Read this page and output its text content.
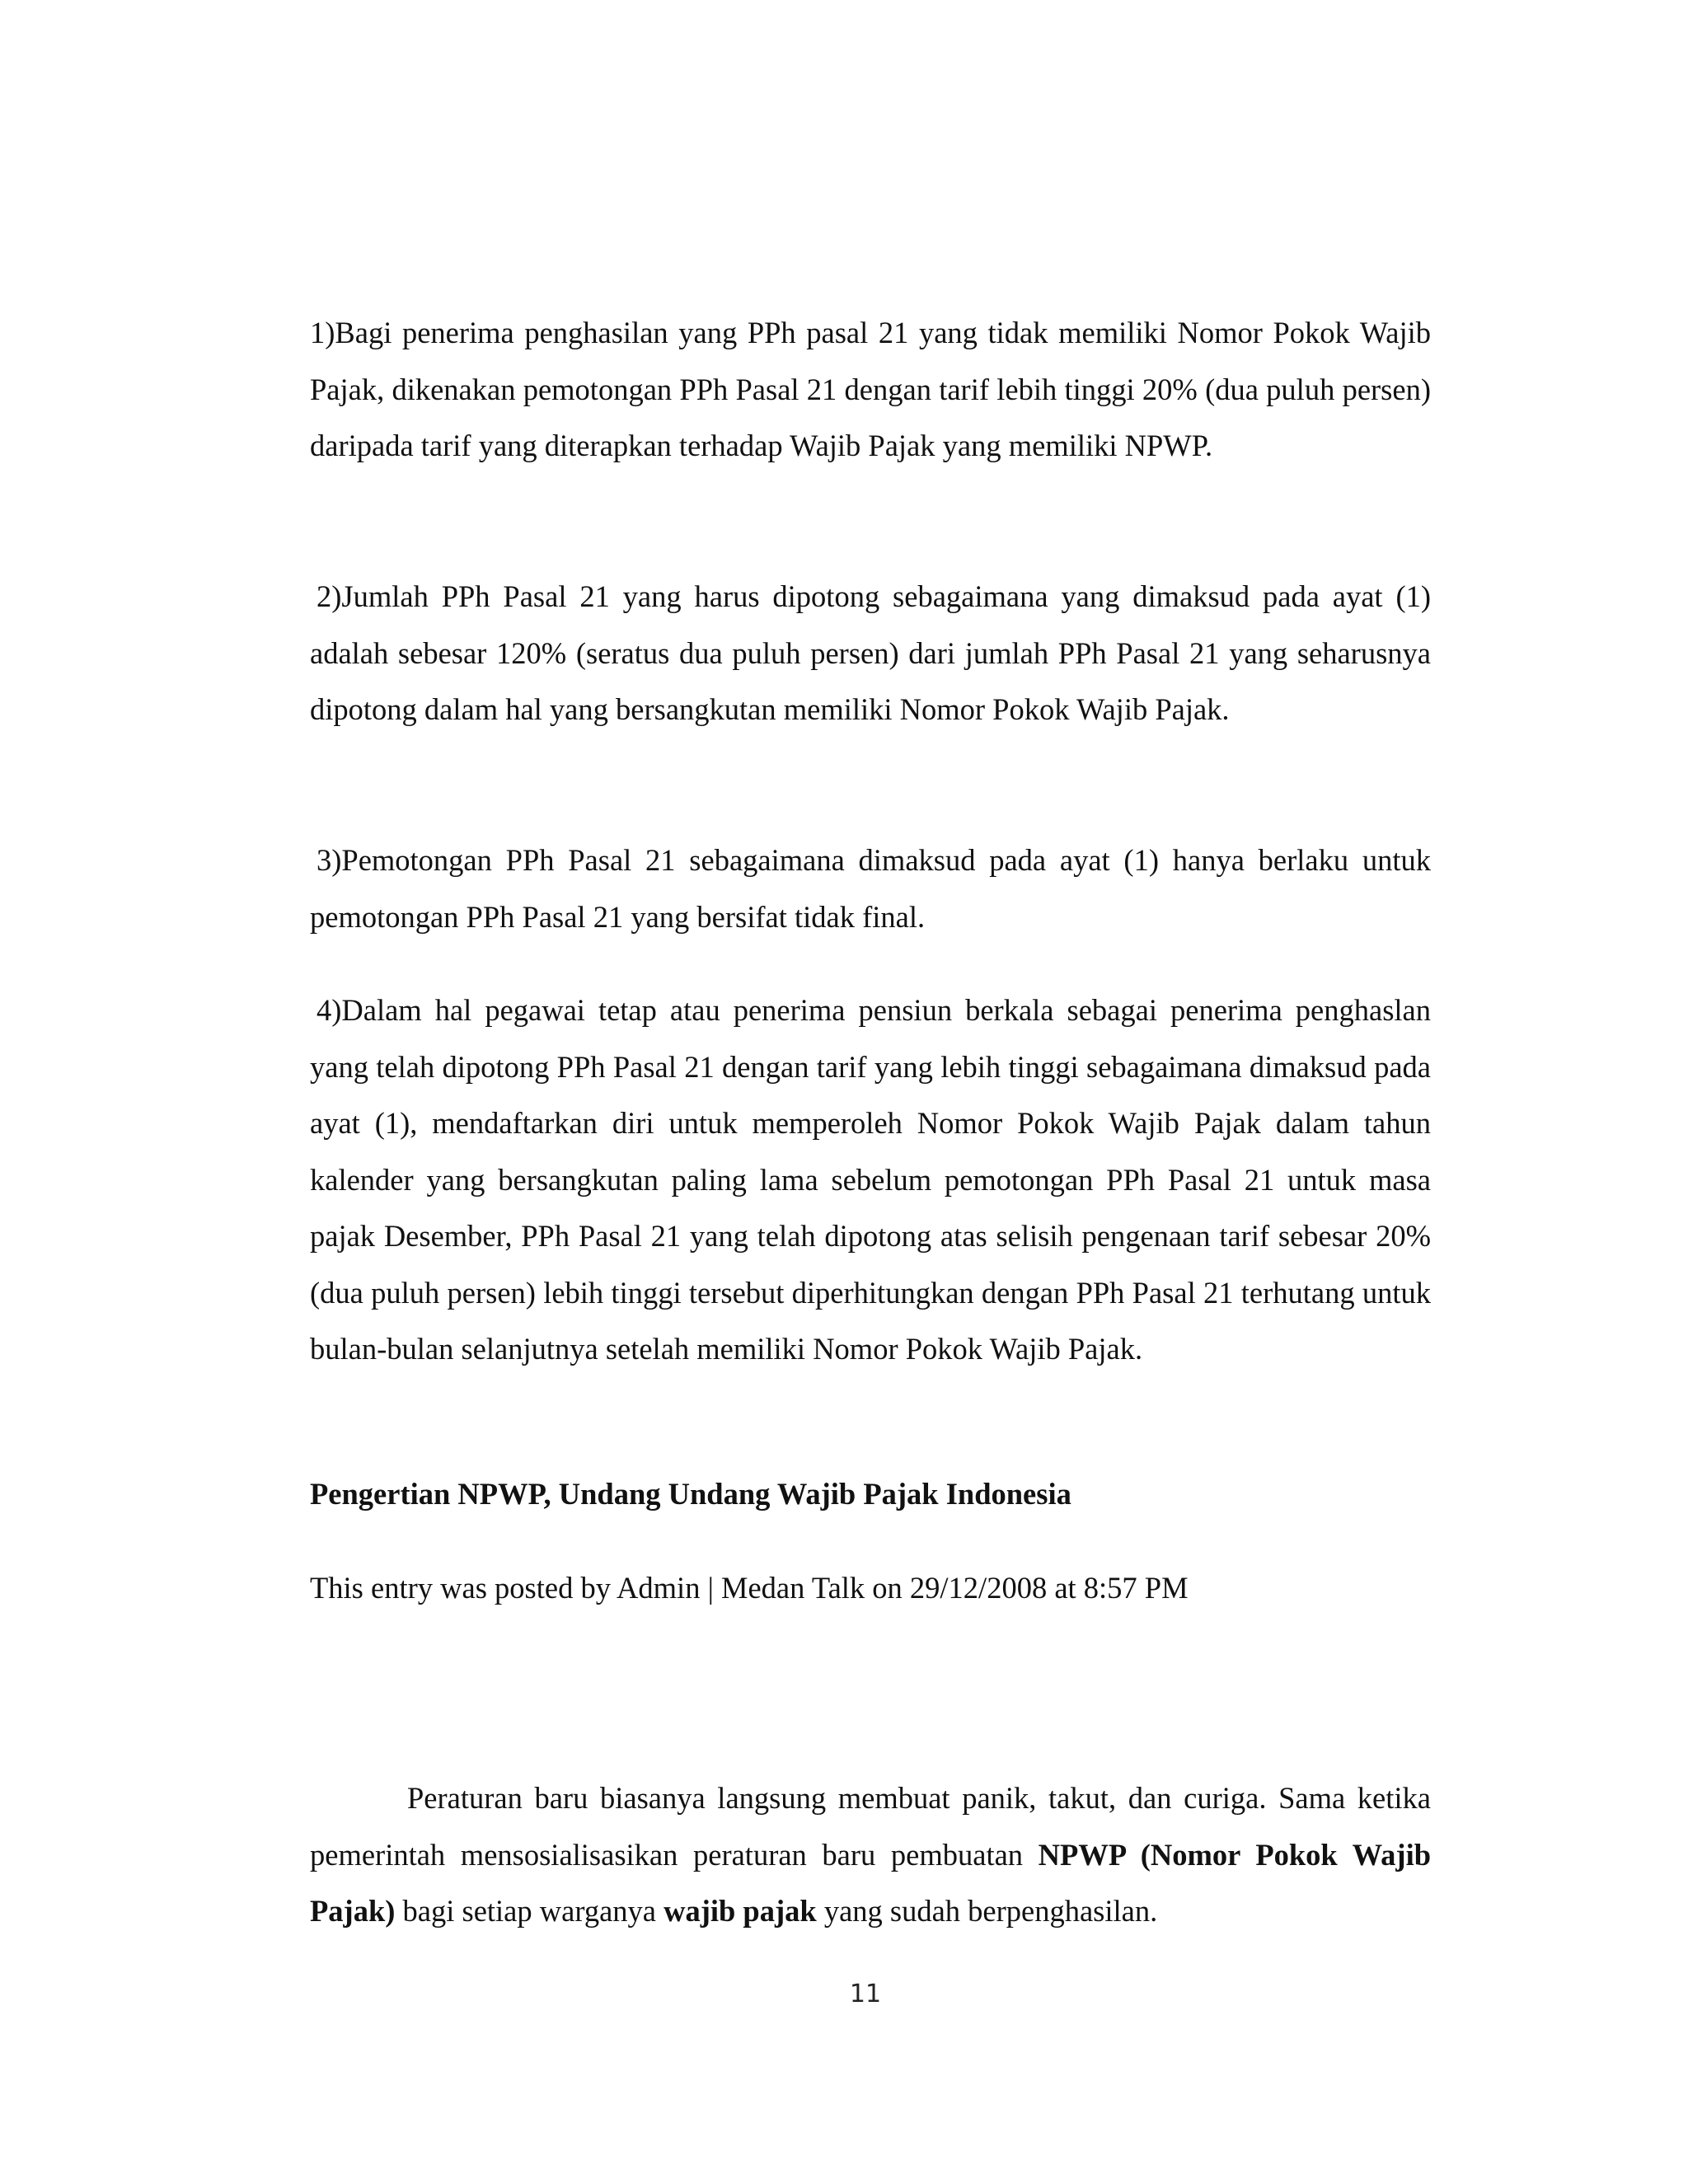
1)Bagi penerima penghasilan yang PPh pasal 21 yang tidak memiliki Nomor Pokok Wajib Pajak, dikenakan pemotongan PPh Pasal 21 dengan tarif lebih tinggi 20% (dua puluh persen) daripada tarif yang diterapkan terhadap Wajib Pajak yang memiliki NPWP.

2)Jumlah PPh Pasal 21 yang harus dipotong sebagaimana yang dimaksud pada ayat (1) adalah sebesar 120% (seratus dua puluh persen) dari jumlah PPh Pasal 21 yang seharusnya dipotong dalam hal yang bersangkutan memiliki Nomor Pokok Wajib Pajak.

3)Pemotongan PPh Pasal 21 sebagaimana dimaksud pada ayat (1) hanya berlaku untuk pemotongan PPh Pasal 21 yang bersifat tidak final.

4)Dalam hal pegawai tetap atau penerima pensiun berkala sebagai penerima penghaslan yang telah dipotong PPh Pasal 21 dengan tarif yang lebih tinggi sebagaimana dimaksud pada ayat (1), mendaftarkan diri untuk memperoleh Nomor Pokok Wajib Pajak dalam tahun kalender yang bersangkutan paling lama sebelum pemotongan PPh Pasal 21 untuk masa pajak Desember, PPh Pasal 21 yang telah dipotong atas selisih pengenaan tarif sebesar 20% (dua puluh persen) lebih tinggi tersebut diperhitungkan dengan PPh Pasal 21 terhutang untuk bulan-bulan selanjutnya setelah memiliki Nomor Pokok Wajib Pajak.

Pengertian NPWP, Undang Undang Wajib Pajak Indonesia

This entry was posted by Admin | Medan Talk on 29/12/2008 at 8:57 PM

Peraturan baru biasanya langsung membuat panik, takut, dan curiga. Sama ketika pemerintah mensosialisasikan peraturan baru pembuatan NPWP (Nomor Pokok Wajib Pajak) bagi setiap warganya wajib pajak yang sudah berpenghasilan.

11
